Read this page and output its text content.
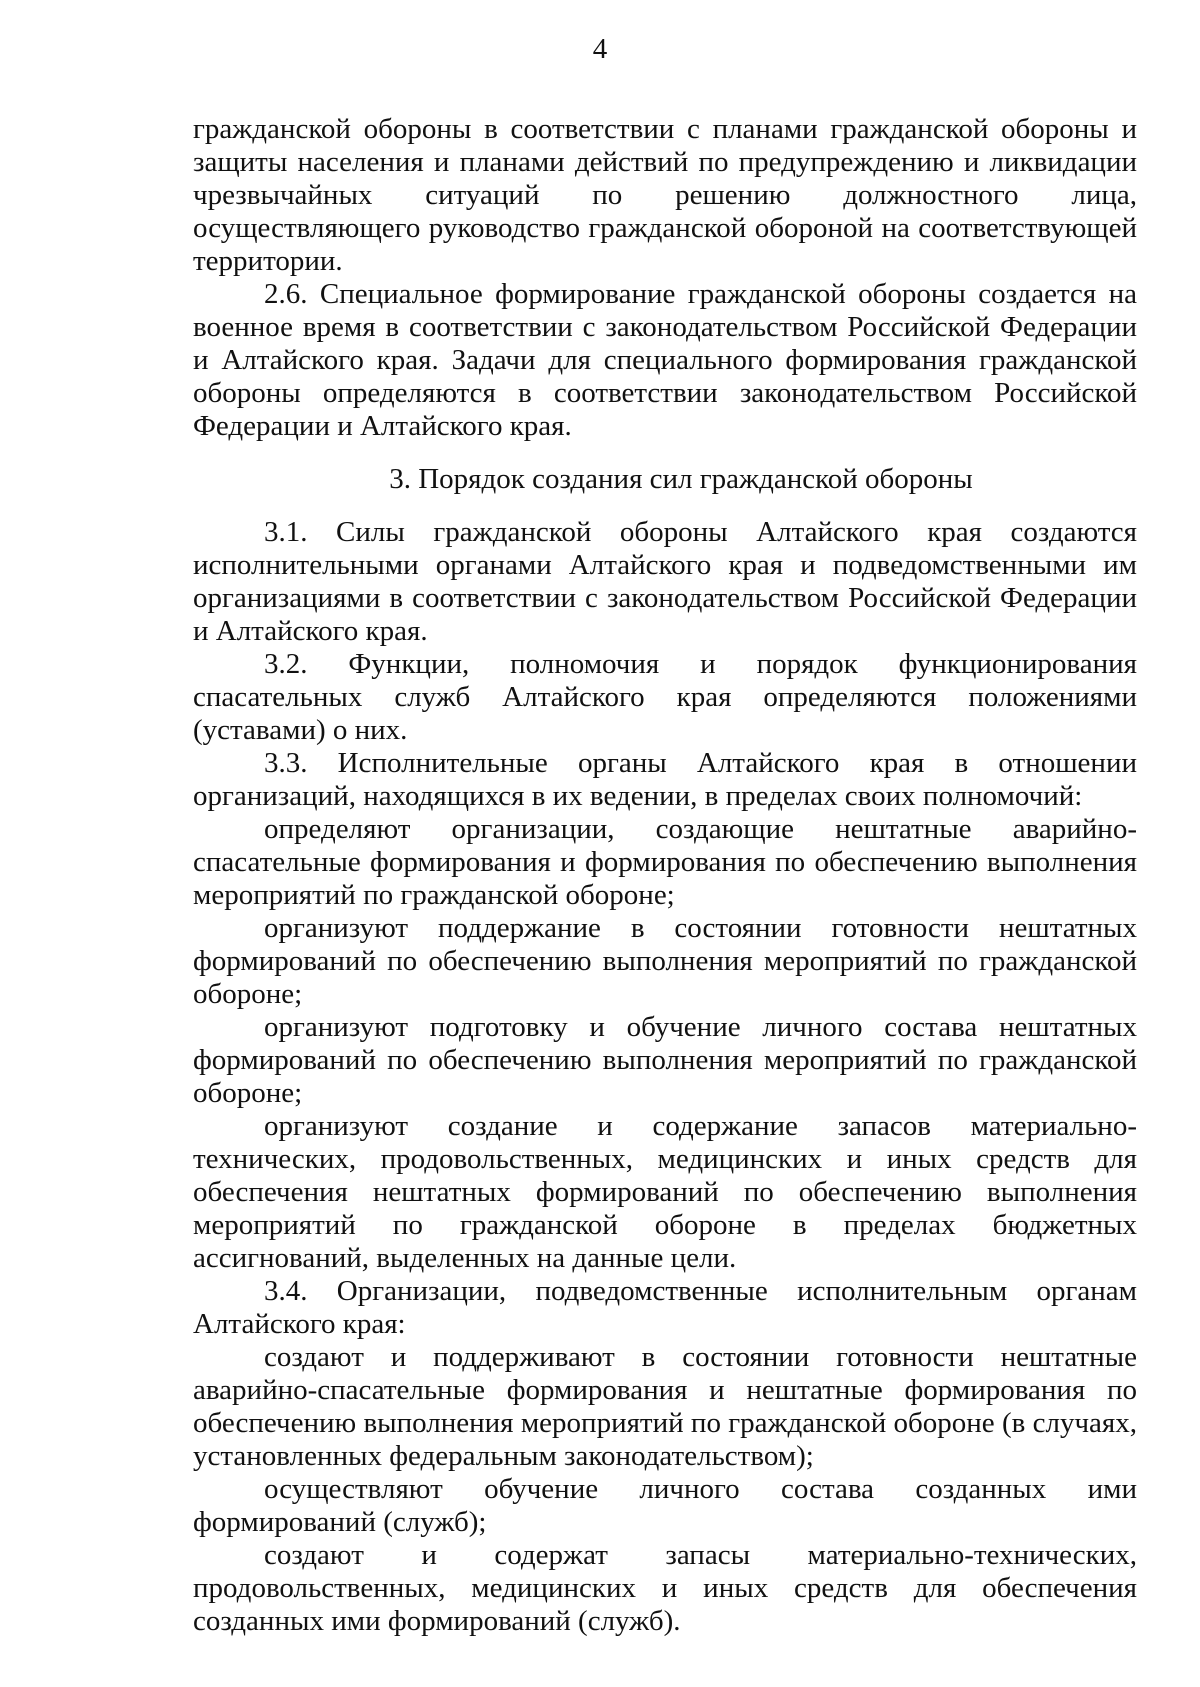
4

гражданской обороны в соответствии с планами гражданской обороны и защиты населения и планами действий по предупреждению и ликвидации чрезвычайных ситуаций по решению должностного лица, осуществляющего руководство гражданской обороной на соответствующей территории.

2.6. Специальное формирование гражданской обороны создается на военное время в соответствии с законодательством Российской Федерации и Алтайского края. Задачи для специального формирования гражданской обороны определяются в соответствии законодательством Российской Федерации и Алтайского края.

3. Порядок создания сил гражданской обороны

3.1. Силы гражданской обороны Алтайского края создаются исполнительными органами Алтайского края и подведомственными им организациями в соответствии с законодательством Российской Федерации и Алтайского края.

3.2. Функции, полномочия и порядок функционирования спасательных служб Алтайского края определяются положениями (уставами) о них.

3.3. Исполнительные органы Алтайского края в отношении организаций, находящихся в их ведении, в пределах своих полномочий:

определяют организации, создающие нештатные аварийно-спасательные формирования и формирования по обеспечению выполнения мероприятий по гражданской обороне;

организуют поддержание в состоянии готовности нештатных формирований по обеспечению выполнения мероприятий по гражданской обороне;

организуют подготовку и обучение личного состава нештатных формирований по обеспечению выполнения мероприятий по гражданской обороне;

организуют создание и содержание запасов материально-технических, продовольственных, медицинских и иных средств для обеспечения нештатных формирований по обеспечению выполнения мероприятий по гражданской обороне в пределах бюджетных ассигнований, выделенных на данные цели.

3.4. Организации, подведомственные исполнительным органам Алтайского края:

создают и поддерживают в состоянии готовности нештатные аварийно-спасательные формирования и нештатные формирования по обеспечению выполнения мероприятий по гражданской обороне (в случаях, установленных федеральным законодательством);

осуществляют обучение личного состава созданных ими формирований (служб);

создают и содержат запасы материально-технических, продовольственных, медицинских и иных средств для обеспечения созданных ими формирований (служб).
